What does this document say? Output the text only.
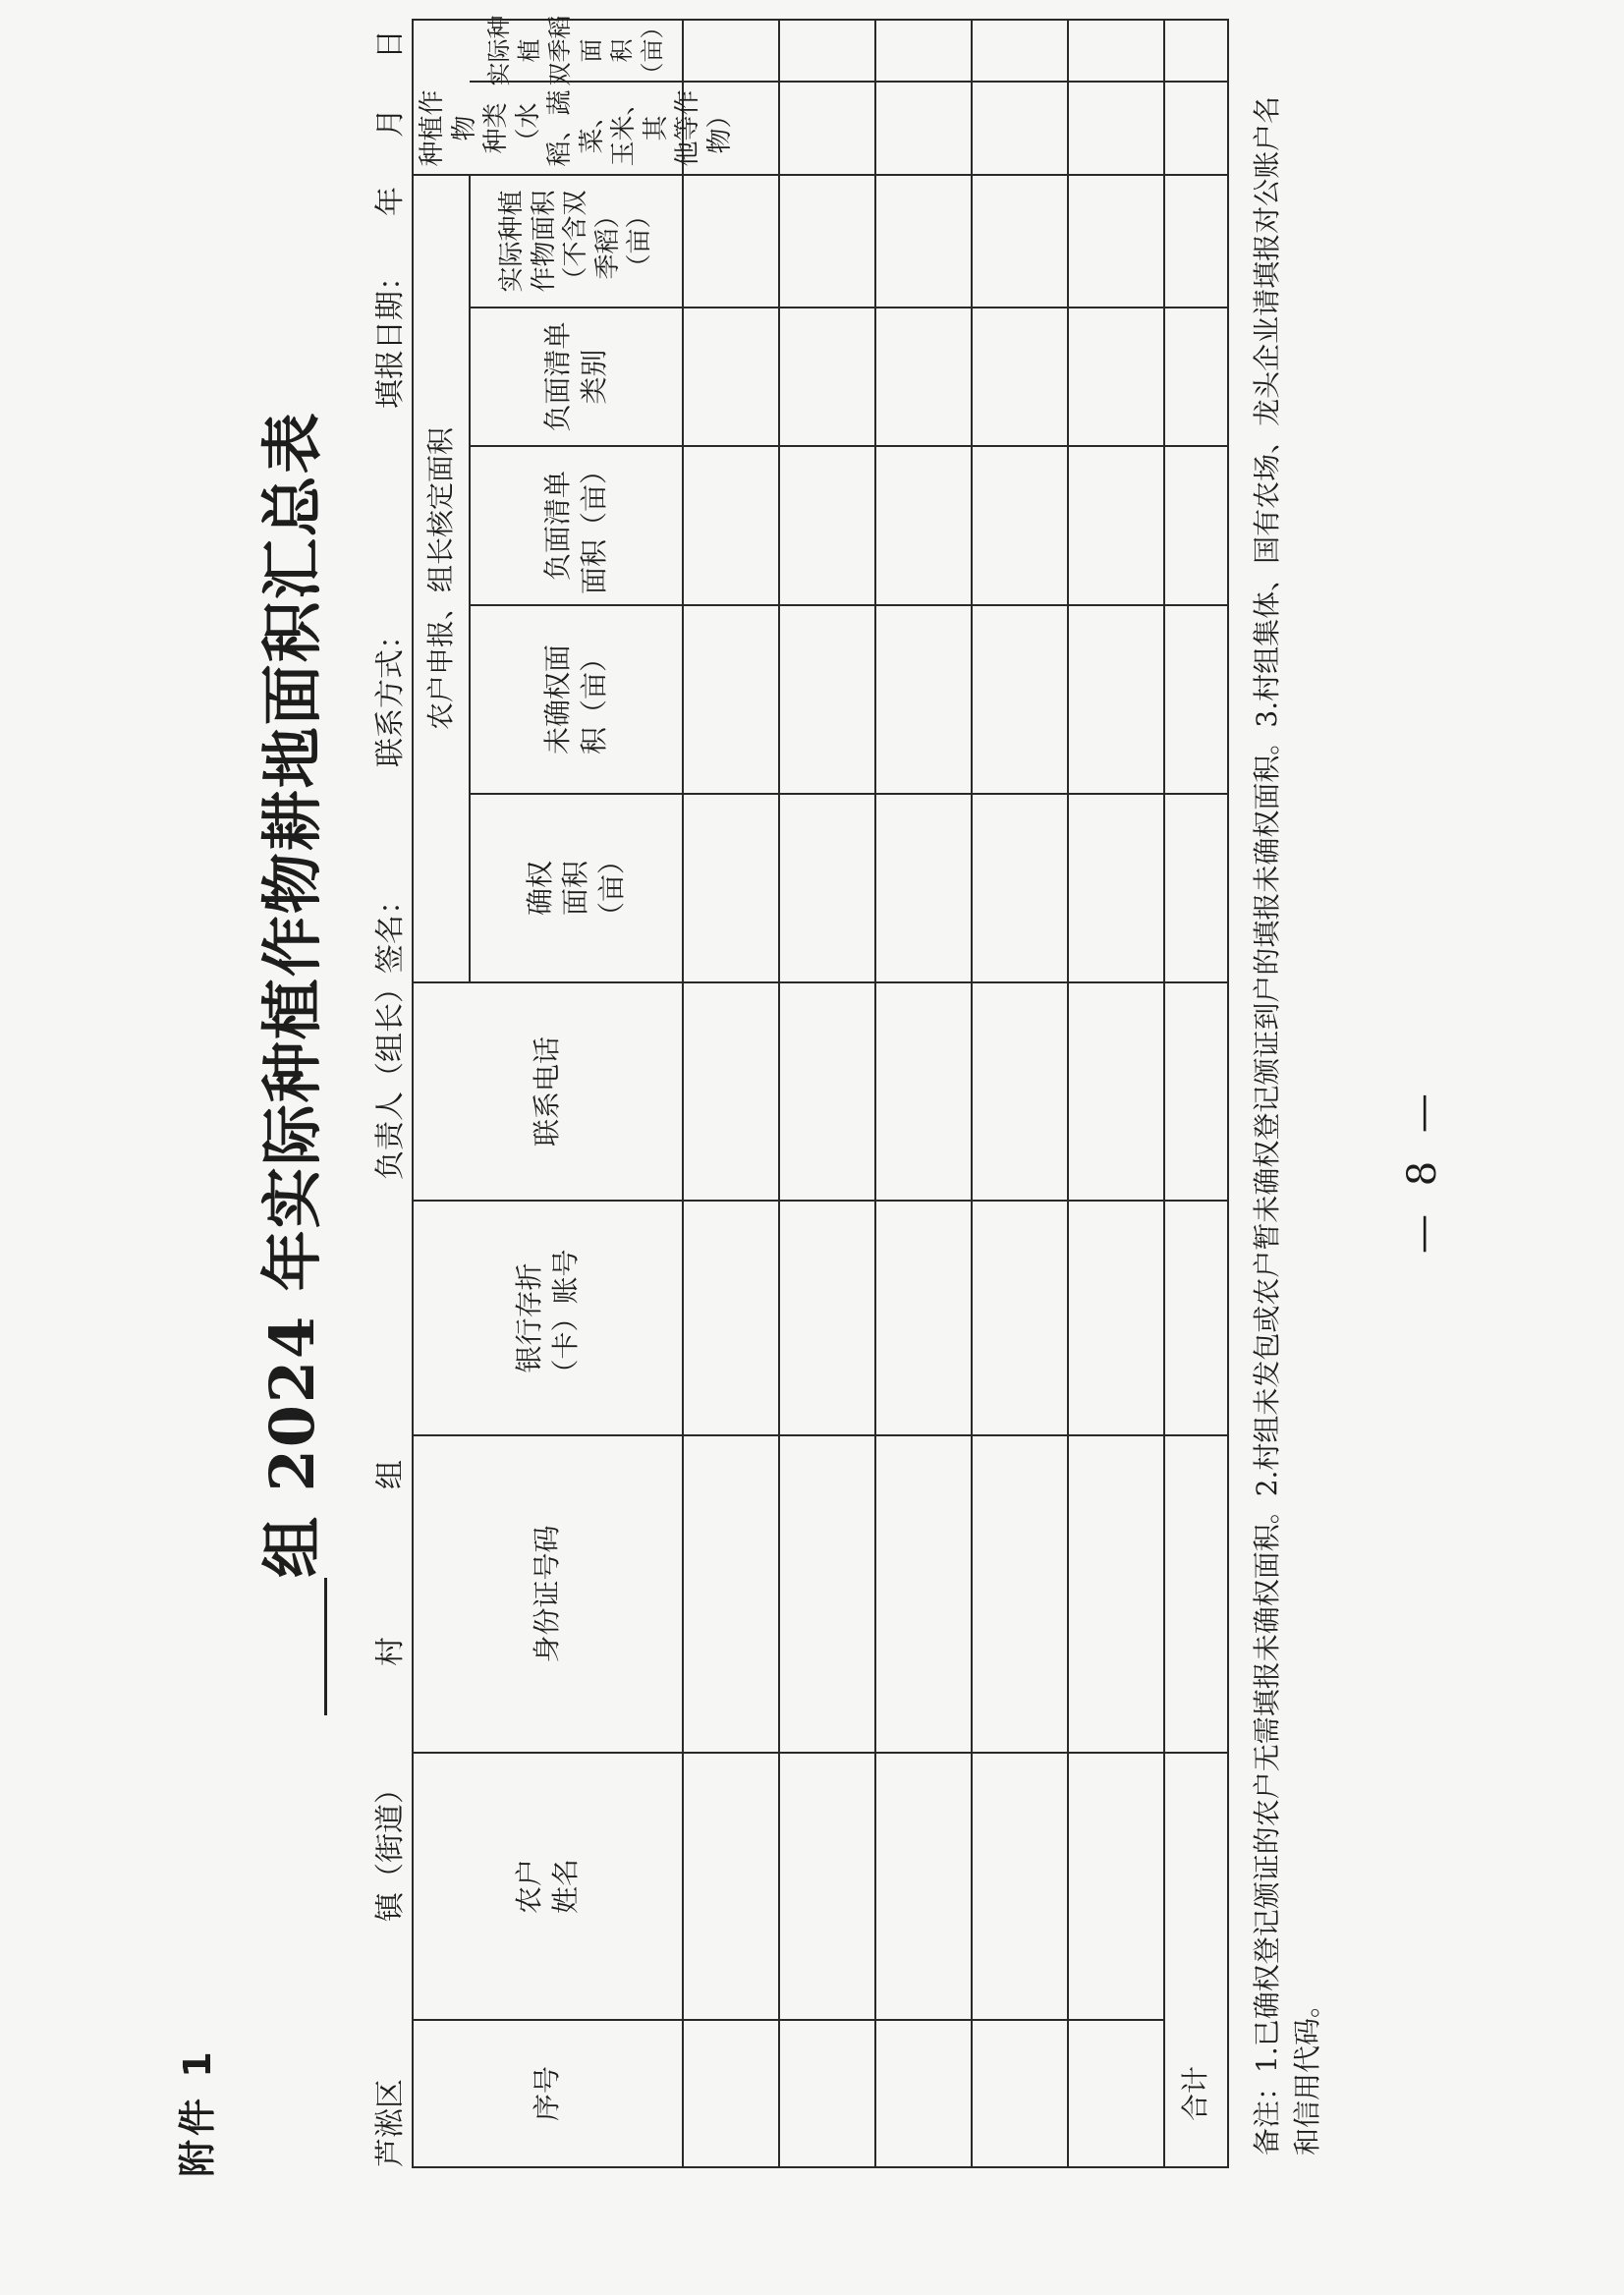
附件 1
组 2024 年实际种植作物耕地面积汇总表
芦淞区
镇（街道）
村
组
负责人（组长）签名：
联系方式：
填报日期：
年
月
日
序号
农户
姓名
身份证号码
银行存折
（卡）账号
联系电话
农户申报、组长核定面积
确权
面积
（亩）
未确权面
积（亩）
负面清单
面积（亩）
负面清单
类别
实际种植
作物面积
（不含双
季稻）
（亩）
种植作物
种类（水
稻、蔬菜、
玉米、其
他等作
物）
实际种植
双季稻面
积（亩）
合计	备注：1.已确权登记颁证的农户无需填报未确权面积。2.村组未发包或农户暂未确权登记颁证到户的填报未确权面积。3.村组集体、国有农场、龙头企业请填报对公账户名和信用代码。
— 8 —
